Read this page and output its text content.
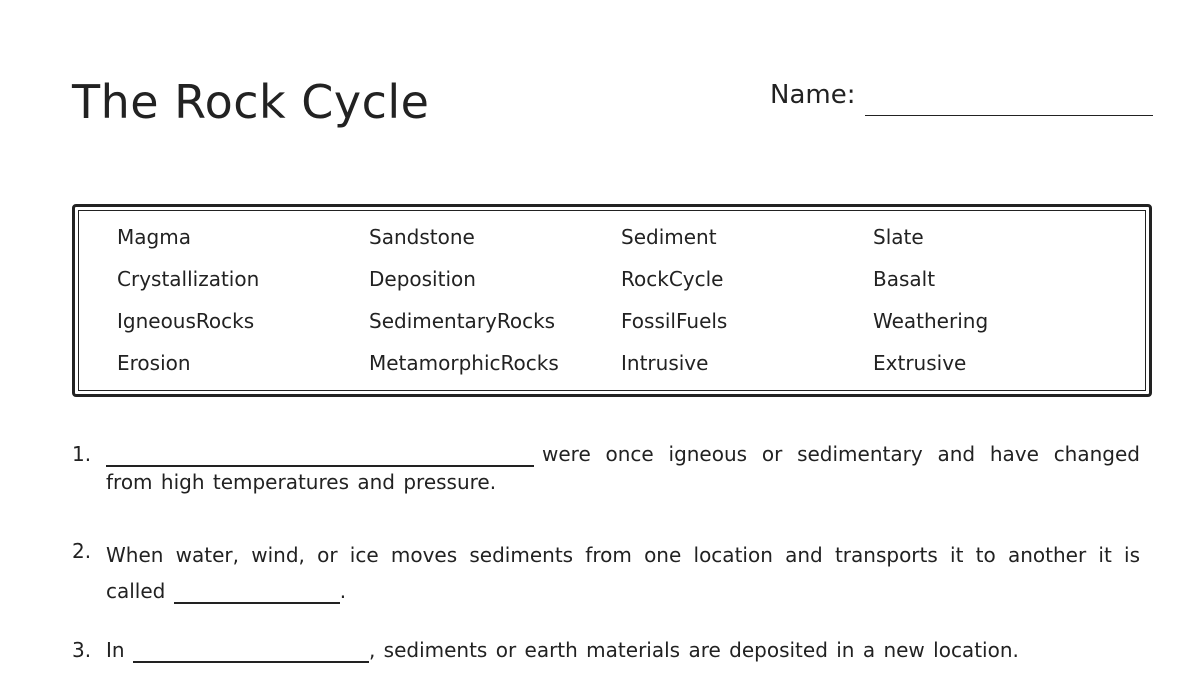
The Rock Cycle	Name:
Magma	Sandstone	Sediment	Slate
Crystallization	Deposition	RockCycle	Basalt
IgneousRocks	SedimentaryRocks	FossilFuels	Weathering
Erosion	MetamorphicRocks	Intrusive	Extrusive
1.	were once igneous or sedimentary and have changed from high temperatures and pressure.
2. When water, wind, or ice moves sediments from one location and transports it to another it is called	.
3. In	, sediments or earth materials are deposited in a new location.
